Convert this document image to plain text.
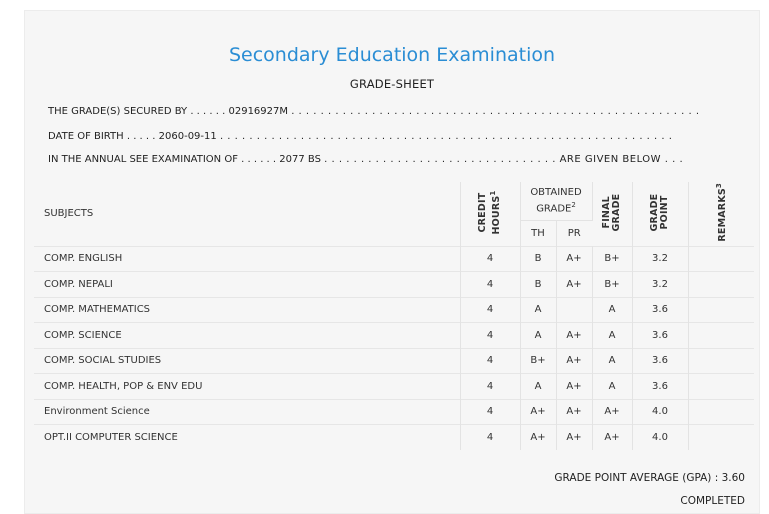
Secondary Education Examination
GRADE-SHEET
THE GRADE(S) SECURED BY . . . . . . 02916927M . . . . . . . . . . . . . . . . . . . . . . . . . . . . . . . . . . . . . . . . . . . . . . . . . . . . . . . .
DATE OF BIRTH . . . . . 2060-09-11 . . . . . . . . . . . . . . . . . . . . . . . . . . . . . . . . . . . . . . . . . . . . . . . . . . . . . . . . . . . . . .
IN THE ANNUAL SEE EXAMINATION OF . . . . . . 2077 BS . . . . . . . . . . . . . . . . . . . . . . . . . . . . . . . . ARE GIVEN BELOW . . .
SUBJECTS	CREDIT HOURS$^1$	OBTAINED GRADE$^2$		FINAL GRADE	GRADE POINT	REMARKS$^3$
		TH	PR			
COMP. ENGLISH	4	B	A+	B+	3.2	
COMP. NEPALI	4	B	A+	B+	3.2	
COMP. MATHEMATICS	4	A		A	3.6	
COMP. SCIENCE	4	A	A+	A	3.6	
COMP. SOCIAL STUDIES	4	B+	A+	A	3.6	
COMP. HEALTH, POP & ENV EDU	4	A	A+	A	3.6	
Environment Science	4	A+	A+	A+	4.0	
OPT.II COMPUTER SCIENCE	4	A+	A+	A+	4.0	
GRADE POINT AVERAGE (GPA) : 3.60
COMPLETED
